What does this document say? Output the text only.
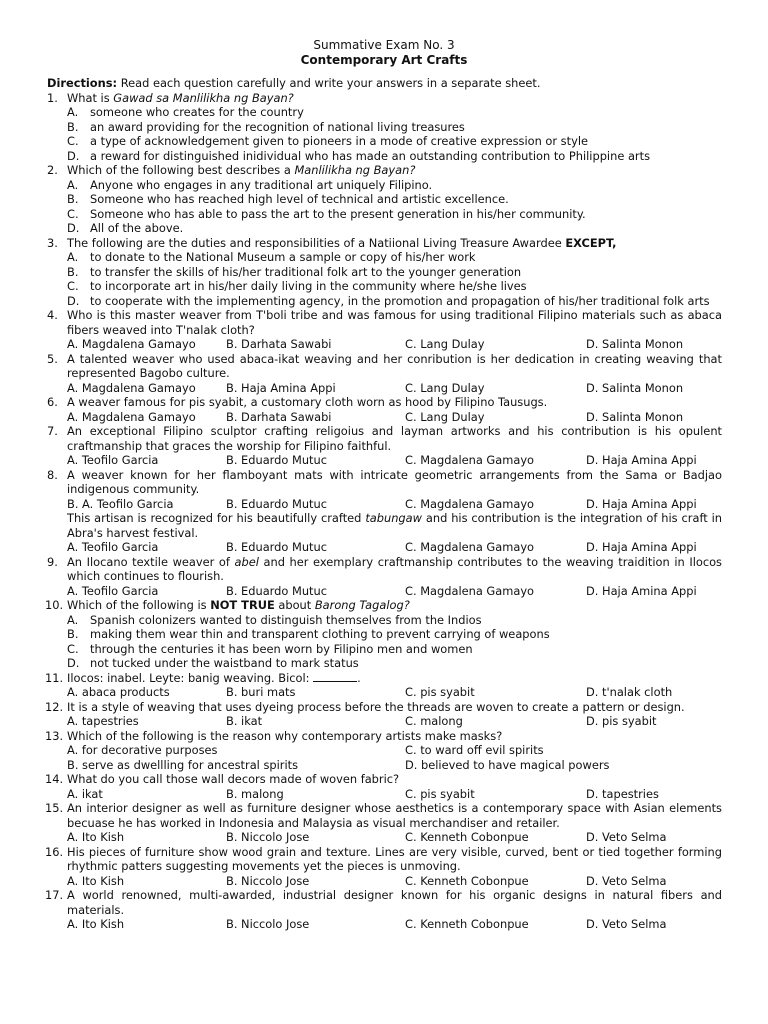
Summative Exam No. 3
Contemporary Art Crafts
Directions: Read each question carefully and write your answers in a separate sheet.
1. What is Gawad sa Manlilikha ng Bayan?
A. someone who creates for the country
B. an award providing for the recognition of national living treasures
C. a type of acknowledgement given to pioneers in a mode of creative expression or style
D. a reward for distinguished inidividual who has made an outstanding contribution to Philippine arts
2. Which of the following best describes a Manlilikha ng Bayan?
A. Anyone who engages in any traditional art uniquely Filipino.
B. Someone who has reached high level of technical and artistic excellence.
C. Someone who has able to pass the art to the present generation in his/her community.
D. All of the above.
3. The following are the duties and responsibilities of a Natiional Living Treasure Awardee EXCEPT,
A. to donate to the National Museum a sample or copy of his/her work
B. to transfer the skills of his/her traditional folk art to the younger generation
C. to incorporate art in his/her daily living in the community where he/she lives
D. to cooperate with the implementing agency, in the promotion and propagation of his/her traditional folk arts
4. Who is this master weaver from T'boli tribe and was famous for using traditional Filipino materials such as abaca fibers weaved into T'nalak cloth?
A. Magdalena Gamayo	B. Darhata Sawabi	C. Lang Dulay	D. Salinta Monon
5. A talented weaver who used abaca-ikat weaving and her conribution is her dedication in creating weaving that represented Bagobo culture.
A. Magdalena Gamayo	B. Haja Amina Appi	C. Lang Dulay	D. Salinta Monon
6. A weaver famous for pis syabit, a customary cloth worn as hood by Filipino Tausugs.
A. Magdalena Gamayo	B. Darhata Sawabi	C. Lang Dulay	D. Salinta Monon
7. An exceptional Filipino sculptor crafting religoius and layman artworks and his contribution is his opulent craftmanship that graces the worship for Filipino faithful.
A. Teofilo Garcia	B. Eduardo Mutuc	C. Magdalena Gamayo	D. Haja Amina Appi
8. A weaver known for her flamboyant mats with intricate geometric arrangements from the Sama or Badjao indigenous community.
B. A. Teofilo Garcia	B. Eduardo Mutuc	C. Magdalena Gamayo	D. Haja Amina Appi
This artisan is recognized for his beautifully crafted tabungaw and his contribution is the integration of his craft in Abra's harvest festival.
A. Teofilo Garcia	B. Eduardo Mutuc	C. Magdalena Gamayo	D. Haja Amina Appi
9. An Ilocano textile weaver of abel and her exemplary craftmanship contributes to the weaving traidition in Ilocos which continues to flourish.
A. Teofilo Garcia	B. Eduardo Mutuc	C. Magdalena Gamayo	D. Haja Amina Appi
10. Which of the following is NOT TRUE about Barong Tagalog?
A. Spanish colonizers wanted to distinguish themselves from the Indios
B. making them wear thin and transparent clothing to prevent carrying of weapons
C. through the centuries it has been worn by Filipino men and women
D. not tucked under the waistband to mark status
11. Ilocos: inabel. Leyte: banig weaving. Bicol:	.
A. abaca products	B. buri mats	C. pis syabit	D. t'nalak cloth
12. It is a style of weaving that uses dyeing process before the threads are woven to create a pattern or design.
A. tapestries	B. ikat	C. malong	D. pis syabit
13. Which of the following is the reason why contemporary artists make masks?
A. for decorative purposes	C. to ward off evil spirits
B. serve as dwellling for ancestral spirits	D. believed to have magical powers
14. What do you call those wall decors made of woven fabric?
A. ikat	B. malong	C. pis syabit	D. tapestries
15. An interior designer as well as furniture designer whose aesthetics is a contemporary space with Asian elements becuase he has worked in Indonesia and Malaysia as visual merchandiser and retailer.
A. Ito Kish	B. Niccolo Jose	C. Kenneth Cobonpue	D. Veto Selma
16. His pieces of furniture show wood grain and texture. Lines are very visible, curved, bent or tied together forming rhythmic patters suggesting movements yet the pieces is unmoving.
A. Ito Kish	B. Niccolo Jose	C. Kenneth Cobonpue	D. Veto Selma
17. A world renowned, multi-awarded, industrial designer known for his organic designs in natural fibers and materials.
A. Ito Kish	B. Niccolo Jose	C. Kenneth Cobonpue	D. Veto Selma
